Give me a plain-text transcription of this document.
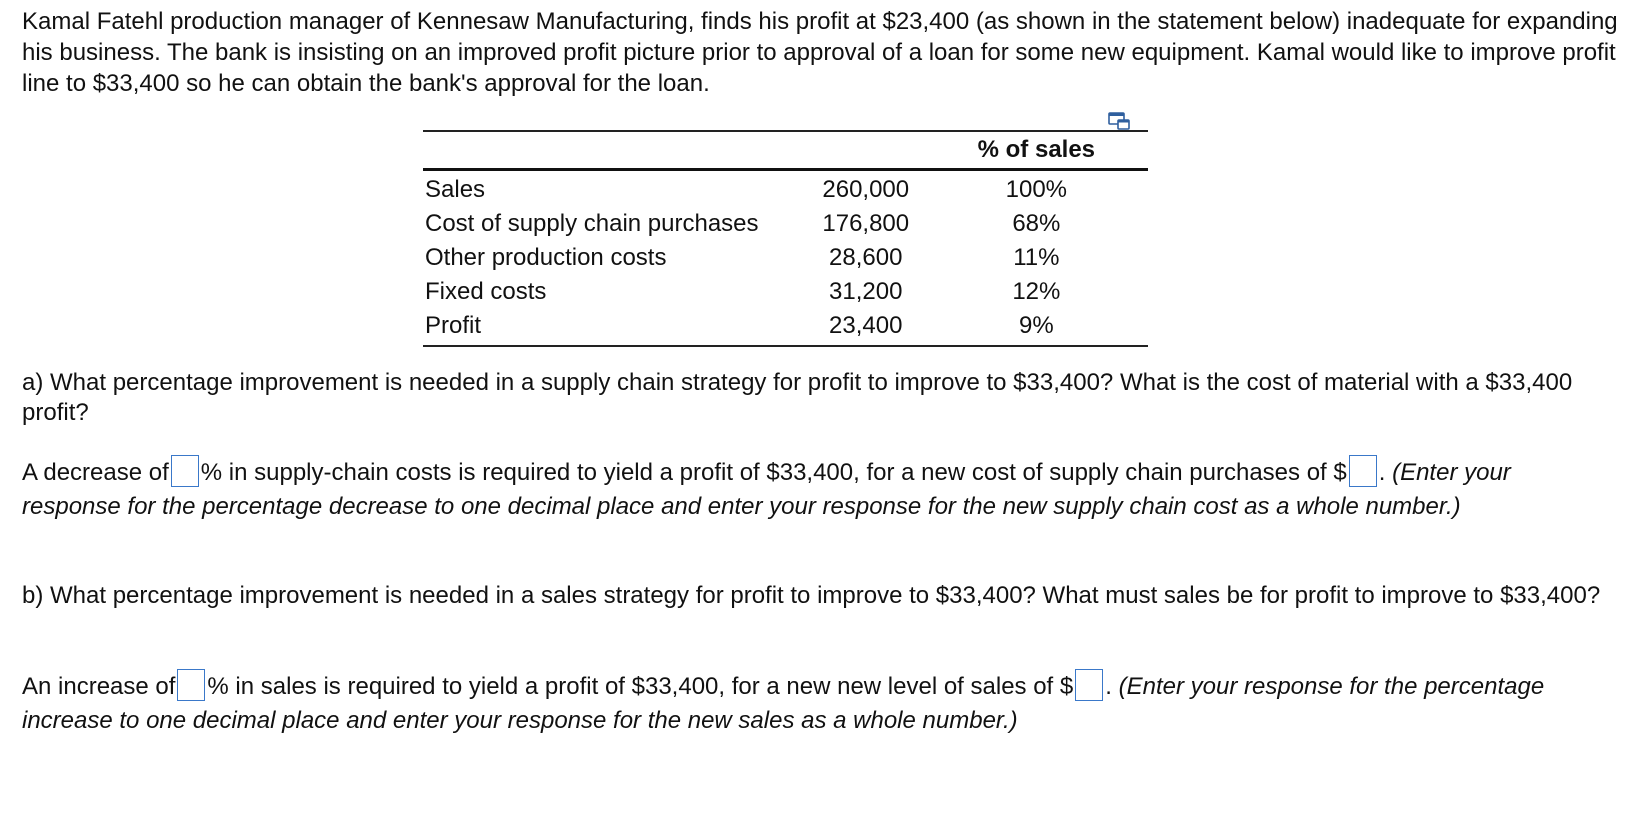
Kamal Fatehl production manager of Kennesaw Manufacturing, finds his profit at $23,400 (as shown in the statement below) inadequate for expanding his business. The bank is insisting on an improved profit picture prior to approval of a loan for some new equipment. Kamal would like to improve profit line to $33,400 so he can obtain the bank's approval for the loan.

		% of sales
Sales	260,000	100%
Cost of supply chain purchases	176,800	68%
Other production costs	28,600	11%
Fixed costs	31,200	12%
Profit	23,400	9%

a) What percentage improvement is needed in a supply chain strategy for profit to improve to $33,400? What is the cost of material with a $33,400 profit?

A decrease of % in supply-chain costs is required to yield a profit of $33,400, for a new cost of supply chain purchases of $ . (Enter your response for the percentage decrease to one decimal place and enter your response for the new supply chain cost as a whole number.)

b) What percentage improvement is needed in a sales strategy for profit to improve to $33,400? What must sales be for profit to improve to $33,400?

An increase of % in sales is required to yield a profit of $33,400, for a new new level of sales of $ . (Enter your response for the percentage increase to one decimal place and enter your response for the new sales as a whole number.)
